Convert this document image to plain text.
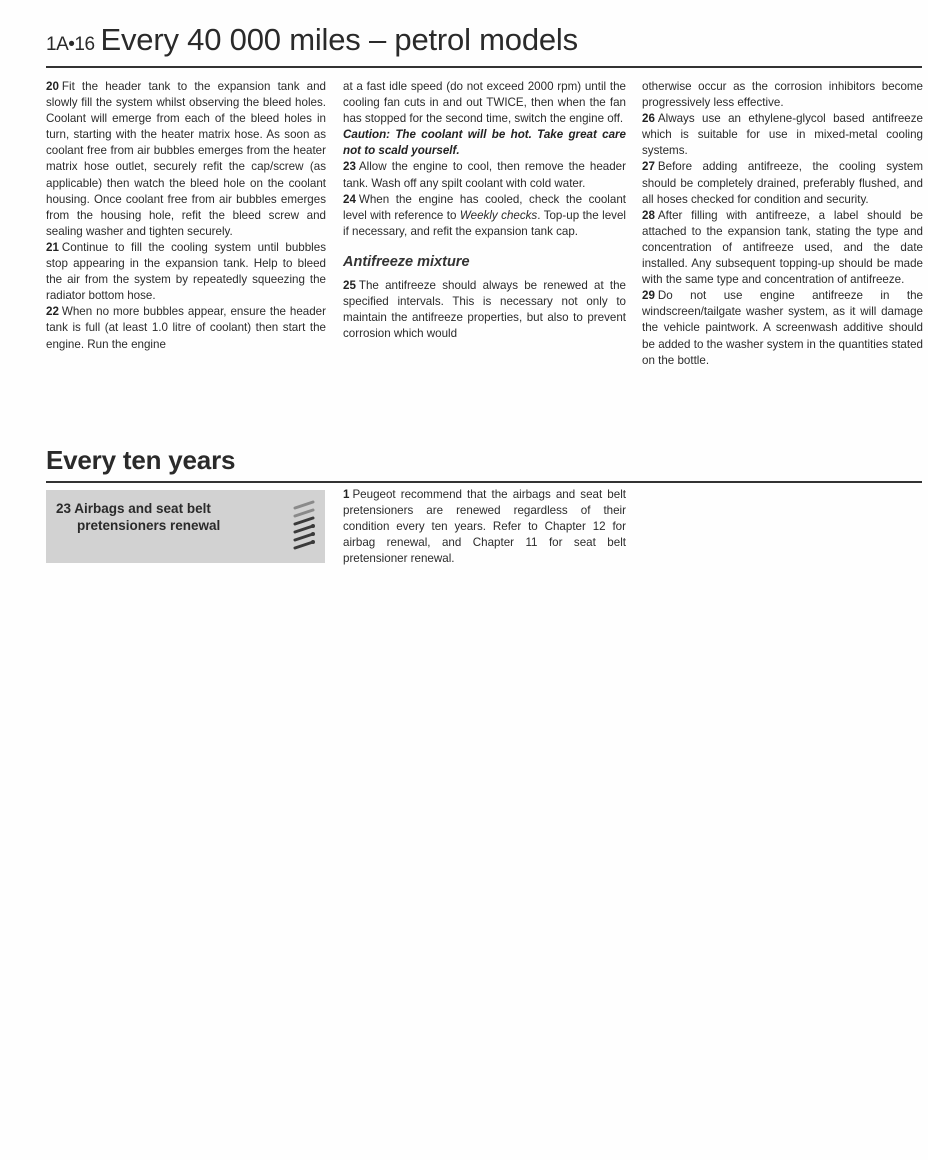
1A•16 Every 40 000 miles – petrol models

20 Fit the header tank to the expansion tank and slowly fill the system whilst observing the bleed holes. Coolant will emerge from each of the bleed holes in turn, starting with the heater matrix hose. As soon as coolant free from air bubbles emerges from the heater matrix hose outlet, securely refit the cap/screw (as applicable) then watch the bleed hole on the coolant housing. Once coolant free from air bubbles emerges from the housing hole, refit the bleed screw and sealing washer and tighten securely.

21 Continue to fill the cooling system until bubbles stop appearing in the expansion tank. Help to bleed the air from the system by repeatedly squeezing the radiator bottom hose.

22 When no more bubbles appear, ensure the header tank is full (at least 1.0 litre of coolant) then start the engine. Run the engine

at a fast idle speed (do not exceed 2000 rpm) until the cooling fan cuts in and out TWICE, then when the fan has stopped for the second time, switch the engine off.

Caution: The coolant will be hot. Take great care not to scald yourself.

23 Allow the engine to cool, then remove the header tank. Wash off any spilt coolant with cold water.

24 When the engine has cooled, check the coolant level with reference to Weekly checks. Top-up the level if necessary, and refit the expansion tank cap.

Antifreeze mixture

25 The antifreeze should always be renewed at the specified intervals. This is necessary not only to maintain the antifreeze properties, but also to prevent corrosion which would

otherwise occur as the corrosion inhibitors become progressively less effective.

26 Always use an ethylene-glycol based antifreeze which is suitable for use in mixed-metal cooling systems.

27 Before adding antifreeze, the cooling system should be completely drained, preferably flushed, and all hoses checked for condition and security.

28 After filling with antifreeze, a label should be attached to the expansion tank, stating the type and concentration of antifreeze used, and the date installed. Any subsequent topping-up should be made with the same type and concentration of antifreeze.

29 Do not use engine antifreeze in the windscreen/tailgate washer system, as it will damage the vehicle paintwork. A screenwash additive should be added to the washer system in the quantities stated on the bottle.

Every ten years
23 Airbags and seat belt
pretensioners renewal

1 Peugeot recommend that the airbags and seat belt pretensioners are renewed regardless of their condition every ten years. Refer to Chapter 12 for airbag renewal, and Chapter 11 for seat belt pretensioner renewal.
